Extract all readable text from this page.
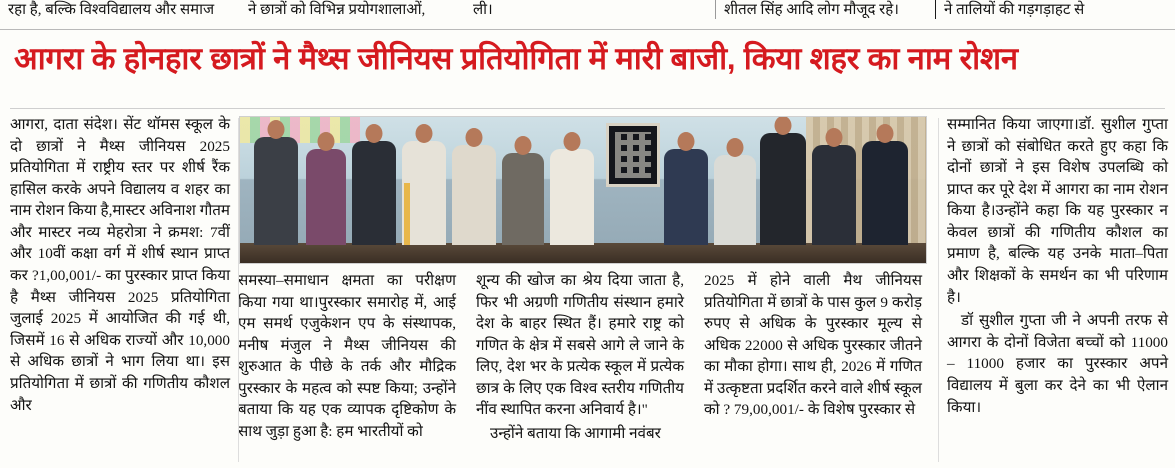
रहा है, बल्कि विश्वविद्यालय और समाज	ने छात्रों को विभिन्न प्रयोगशालाओं,	ली।	शीतल सिंह आदि लोग मौजूद रहे।	ने तालियों की गड़गड़ाहट से
आगरा के होनहार छात्रों ने मैथ्स जीनियस प्रतियोगिता में मारी बाजी, किया शहर का नाम रोशन

आगरा, दाता संदेश। सेंट थॉमस स्कूल के दो छात्रों ने मैथ्स जीनियस 2025 प्रतियोगिता में राष्ट्रीय स्तर पर शीर्ष रैंक हासिल करके अपने विद्यालय व शहर का नाम रोशन किया है,मास्टर अविनाश गौतम और मास्टर नव्य मेहरोत्रा ने क्रमश: 7वीं और 10वीं कक्षा वर्ग में शीर्ष स्थान प्राप्त कर ?1,00,001/- का पुरस्कार प्राप्त किया है मैथ्स जीनियस 2025 प्रतियोगिता जुलाई 2025 में आयोजित की गई थी, जिसमें 16 से अधिक राज्यों और 10,000 से अधिक छात्रों ने भाग लिया था। इस प्रतियोगिता में छात्रों की गणितीय कौशल और

समस्या–समाधान क्षमता का परीक्षण किया गया था।पुरस्कार समारोह में, आई एम समर्थ एजुकेशन एप के संस्थापक, मनीष मंजुल ने मैथ्स जीनियस की शुरुआत के पीछे के तर्क और मौद्रिक पुरस्कार के महत्व को स्पष्ट किया; उन्होंने बताया कि यह एक व्यापक दृष्टिकोण के साथ जुड़ा हुआ है: हम भारतीयों को

शून्य की खोज का श्रेय दिया जाता है, फिर भी अग्रणी गणितीय संस्थान हमारे देश के बाहर स्थित हैं। हमारे राष्ट्र को गणित के क्षेत्र में सबसे आगे ले जाने के लिए, देश भर के प्रत्येक स्कूल में प्रत्येक छात्र के लिए एक विश्व स्तरीय गणितीय नींव स्थापित करना अनिवार्य है।"

उन्होंने बताया कि आगामी नवंबर

2025 में होने वाली मैथ जीनियस प्रतियोगिता में छात्रों के पास कुल 9 करोड़ रुपए से अधिक के पुरस्कार मूल्य से अधिक 22000 से अधिक पुरस्कार जीतने का मौका होगा। साथ ही, 2026 में गणित में उत्कृष्टता प्रदर्शित करने वाले शीर्ष स्कूल को ? 79,00,001/- के विशेष पुरस्कार से

सम्मानित किया जाएगा।डॉ. सुशील गुप्ता ने छात्रों को संबोधित करते हुए कहा कि दोनों छात्रों ने इस विशेष उपलब्धि को प्राप्त कर पूरे देश में आगरा का नाम रोशन किया है।उन्होंने कहा कि यह पुरस्कार न केवल छात्रों की गणितीय कौशल का प्रमाण है, बल्कि यह उनके माता–पिता और शिक्षकों के समर्थन का भी परिणाम है।

डॉ सुशील गुप्ता जी ने अपनी तरफ से आगरा के दोनों विजेता बच्चों को 11000 – 11000 हजार का पुरस्कार अपने विद्यालय में बुला कर देने का भी ऐलान किया।
